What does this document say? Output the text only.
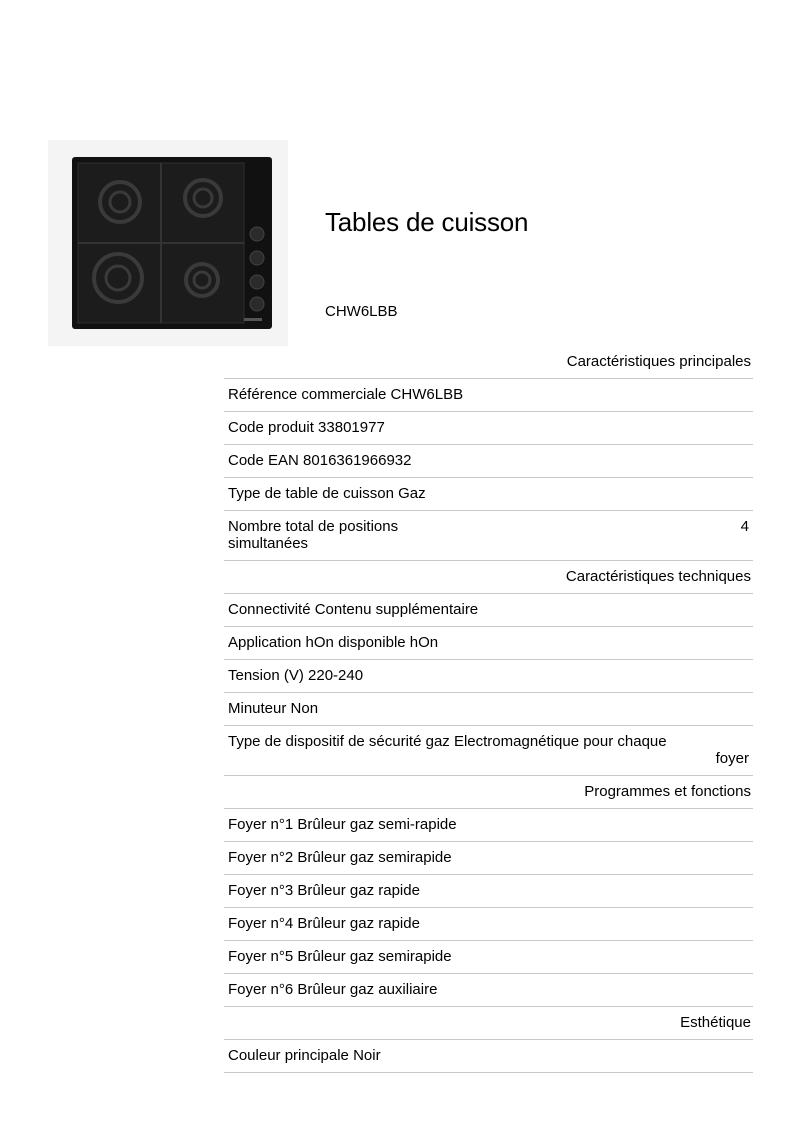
Tables de cuisson
CHW6LBB
Caractéristiques principales
Référence commerciale CHW6LBB
Code produit 33801977
Code EAN 8016361966932
Type de table de cuisson Gaz
Nombre total de positions simultanées
4
Caractéristiques techniques
Connectivité Contenu supplémentaire
Application hOn disponible hOn
Tension (V) 220-240
Minuteur Non
Type de dispositif de sécurité gaz Electromagnétique pour chaque
foyer
Programmes et fonctions
Foyer n°1 Brûleur gaz semi-rapide
Foyer n°2 Brûleur gaz semirapide
Foyer n°3 Brûleur gaz rapide
Foyer n°4 Brûleur gaz rapide
Foyer n°5 Brûleur gaz semirapide
Foyer n°6 Brûleur gaz auxiliaire
Esthétique
Couleur principale Noir
